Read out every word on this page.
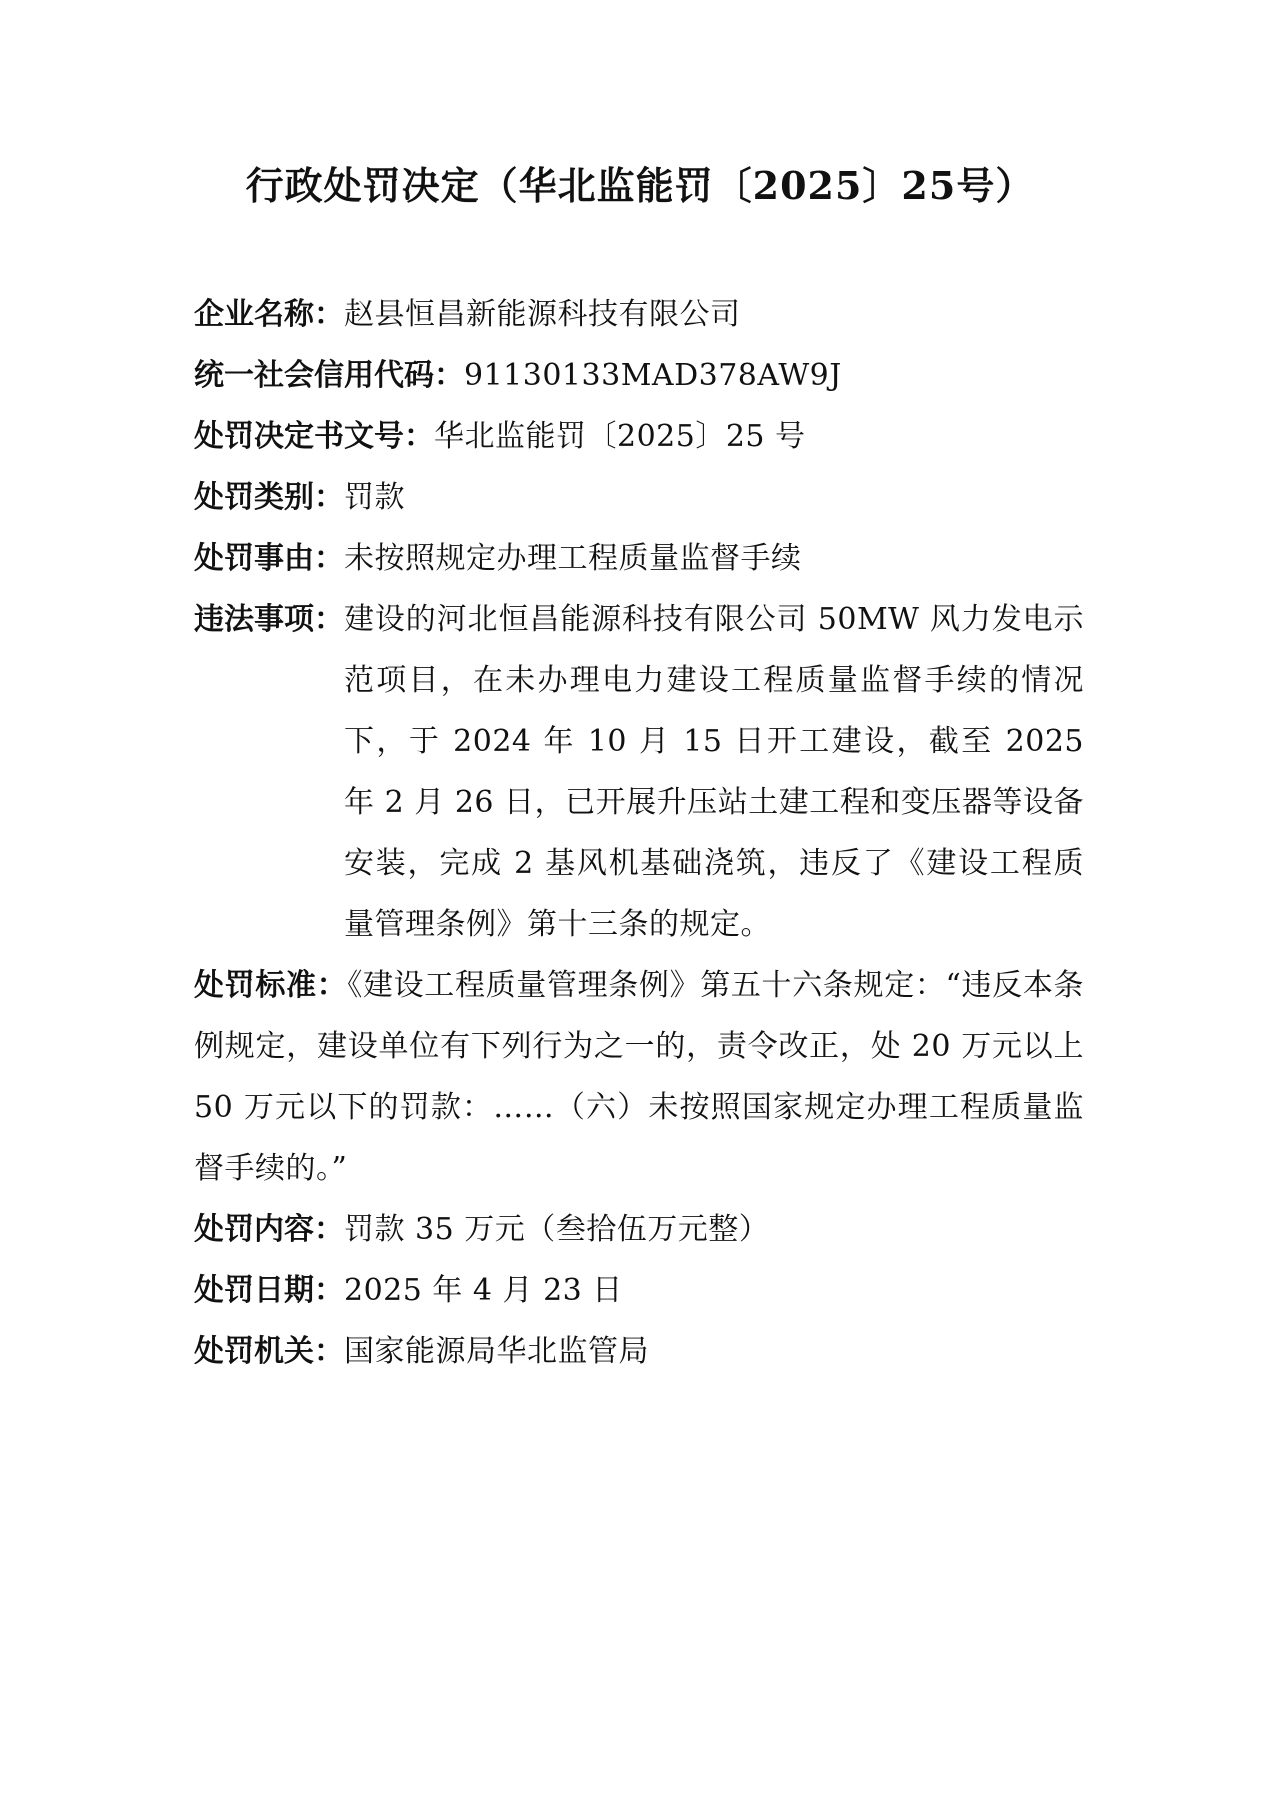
行政处罚决定（华北监能罚〔2025〕25号）
企业名称： 赵县恒昌新能源科技有限公司
统一社会信用代码： 91130133MAD378AW9J
处罚决定书文号： 华北监能罚〔2025〕25 号
处罚类别： 罚款
处罚事由： 未按照规定办理工程质量监督手续
违法事项： 建设的河北恒昌能源科技有限公司 50MW 风力发电示范项目，在未办理电力建设工程质量监督手续的情况下，于 2024 年 10 月 15 日开工建设，截至 2025 年 2 月 26 日，已开展升压站土建工程和变压器等设备安装，完成 2 基风机基础浇筑，违反了《建设工程质量管理条例》第十三条的规定。
处罚标准：《建设工程质量管理条例》第五十六条规定：“违反本条例规定，建设单位有下列行为之一的，责令改正，处 20 万元以上 50 万元以下的罚款：……（六）未按照国家规定办理工程质量监督手续的。”
处罚内容： 罚款 35 万元（叁拾伍万元整）
处罚日期： 2025 年 4 月 23 日
处罚机关： 国家能源局华北监管局
